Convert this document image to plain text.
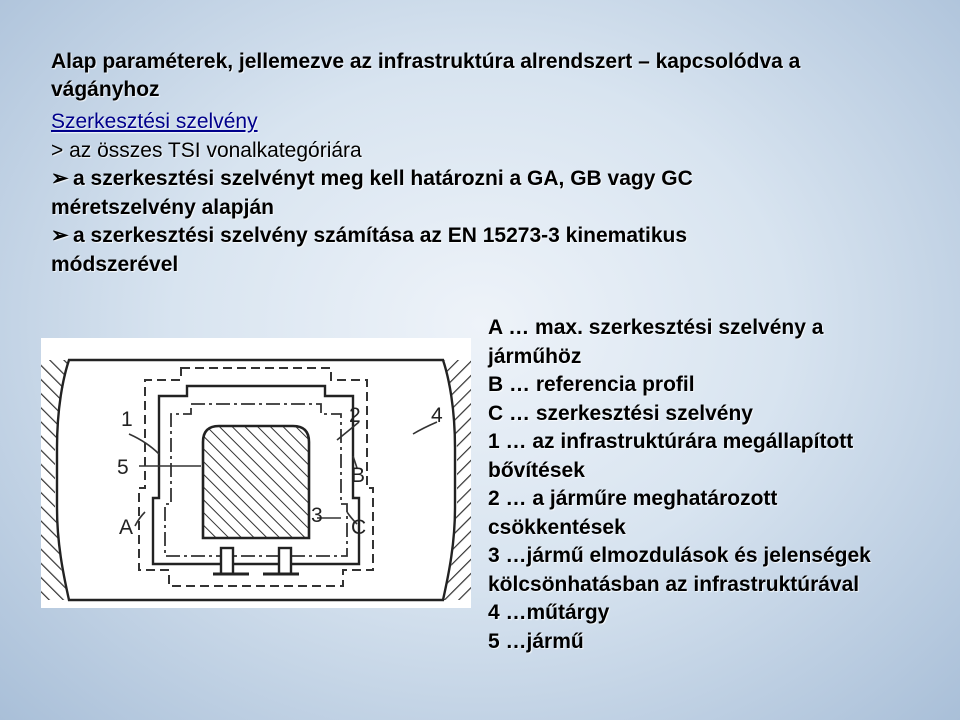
Alap paraméterek, jellemezve az infrastruktúra alrendszert – kapcsolódva a
vágányhoz
Szerkesztési szelvény
> az összes TSI vonalkategóriára
➢ a szerkesztési szelvényt meg kell határozni a GA, GB vagy GC
méretszelvény alapján
➢ a szerkesztési szelvény számítása az EN 15273-3 kinematikus
módszerével
1	2	4
5	B
3
C
A
A … max. szerkesztési szelvény a
járműhöz
B … referencia profil
C … szerkesztési szelvény
1 … az infrastruktúrára megállapított
bővítések
2 … a járműre meghatározott
csökkentések
3 …jármű elmozdulások és jelenségek
kölcsönhatásban az infrastruktúrával
4 …műtárgy
5 …jármű
